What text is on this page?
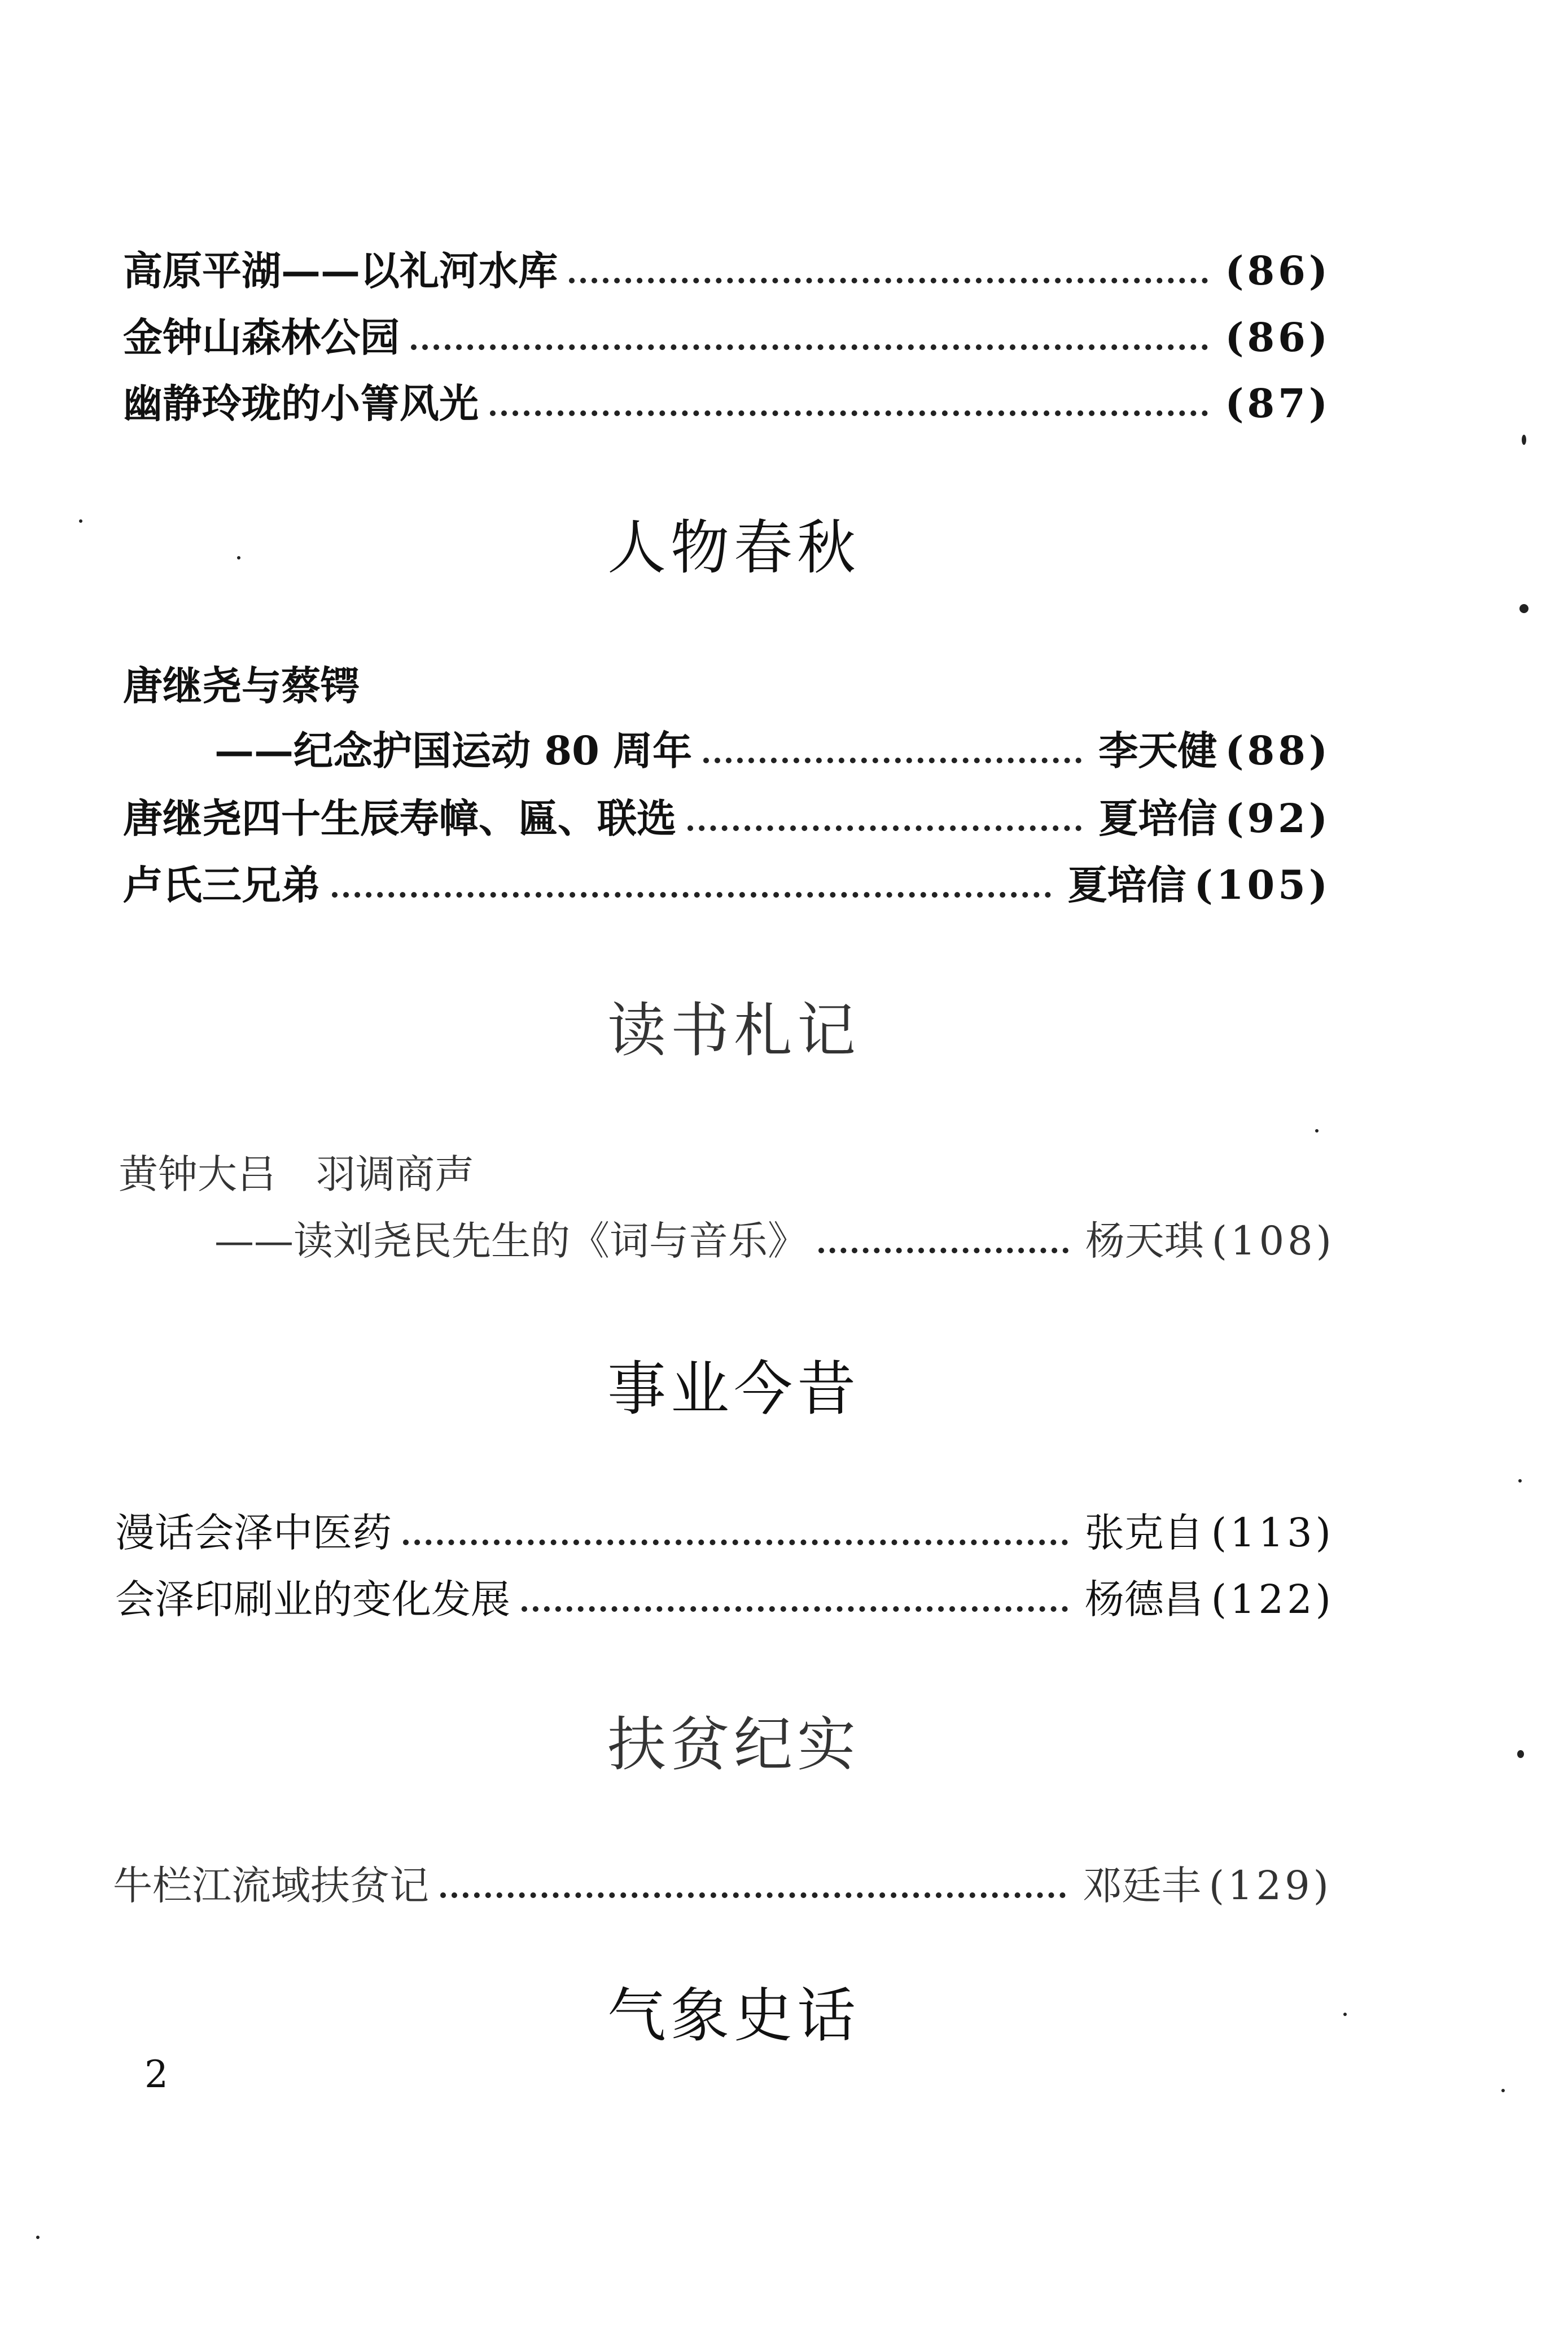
高原平湖——以礼河水库	(86)
金钟山森林公园	(86)
幽静玲珑的小箐风光	(87)
人物春秋
唐继尧与蔡锷
——纪念护国运动 80 周年	李天健 (88)
唐继尧四十生辰寿幛、匾、联选	夏培信 (92)
卢氏三兄弟	夏培信 (105)
读书札记
黄钟大吕　羽调商声
——读刘尧民先生的《词与音乐》	杨天琪 (108)
事业今昔
漫话会泽中医药	张克自 (113)
会泽印刷业的变化发展	杨德昌 (122)
扶贫纪实
牛栏江流域扶贫记	邓廷丰 (129)
气象史话
2
